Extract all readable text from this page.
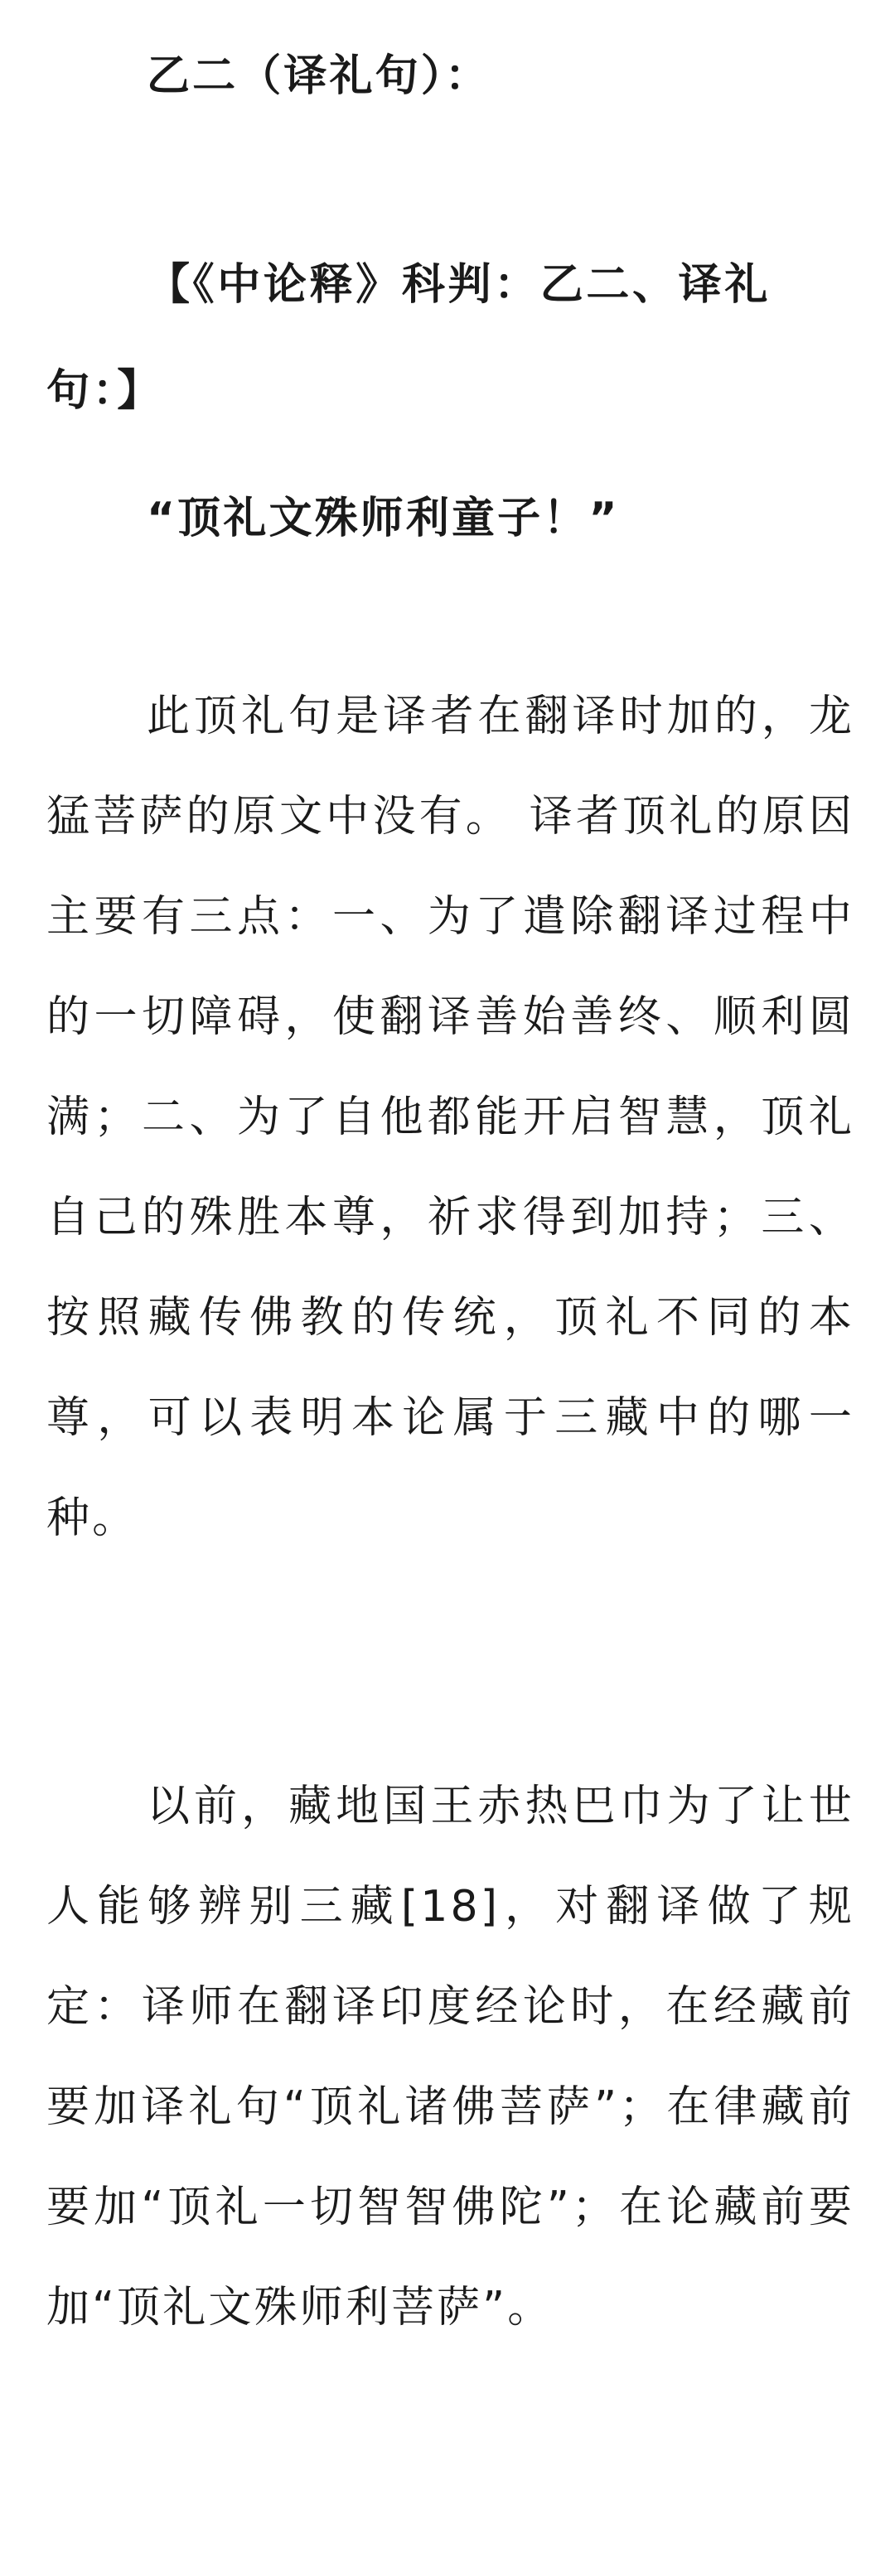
乙二（译礼句）：

【《中论释》科判：乙二、译礼句：】

“顶礼文殊师利童子！”

此顶礼句是译者在翻译时加的，龙猛菩萨的原文中没有。 译者顶礼的原因主要有三点：一、为了遣除翻译过程中的一切障碍，使翻译善始善终、顺利圆满；二、为了自他都能开启智慧，顶礼自己的殊胜本尊，祈求得到加持；三、按照藏传佛教的传统，顶礼不同的本尊，可以表明本论属于三藏中的哪一种。

以前，藏地国王赤热巴巾为了让世人能够辨别三藏[18]，对翻译做了规定：译师在翻译印度经论时，在经藏前要加译礼句“顶礼诸佛菩萨”；在律藏前要加“顶礼一切智智佛陀”；在论藏前要加“顶礼文殊师利菩萨”。
